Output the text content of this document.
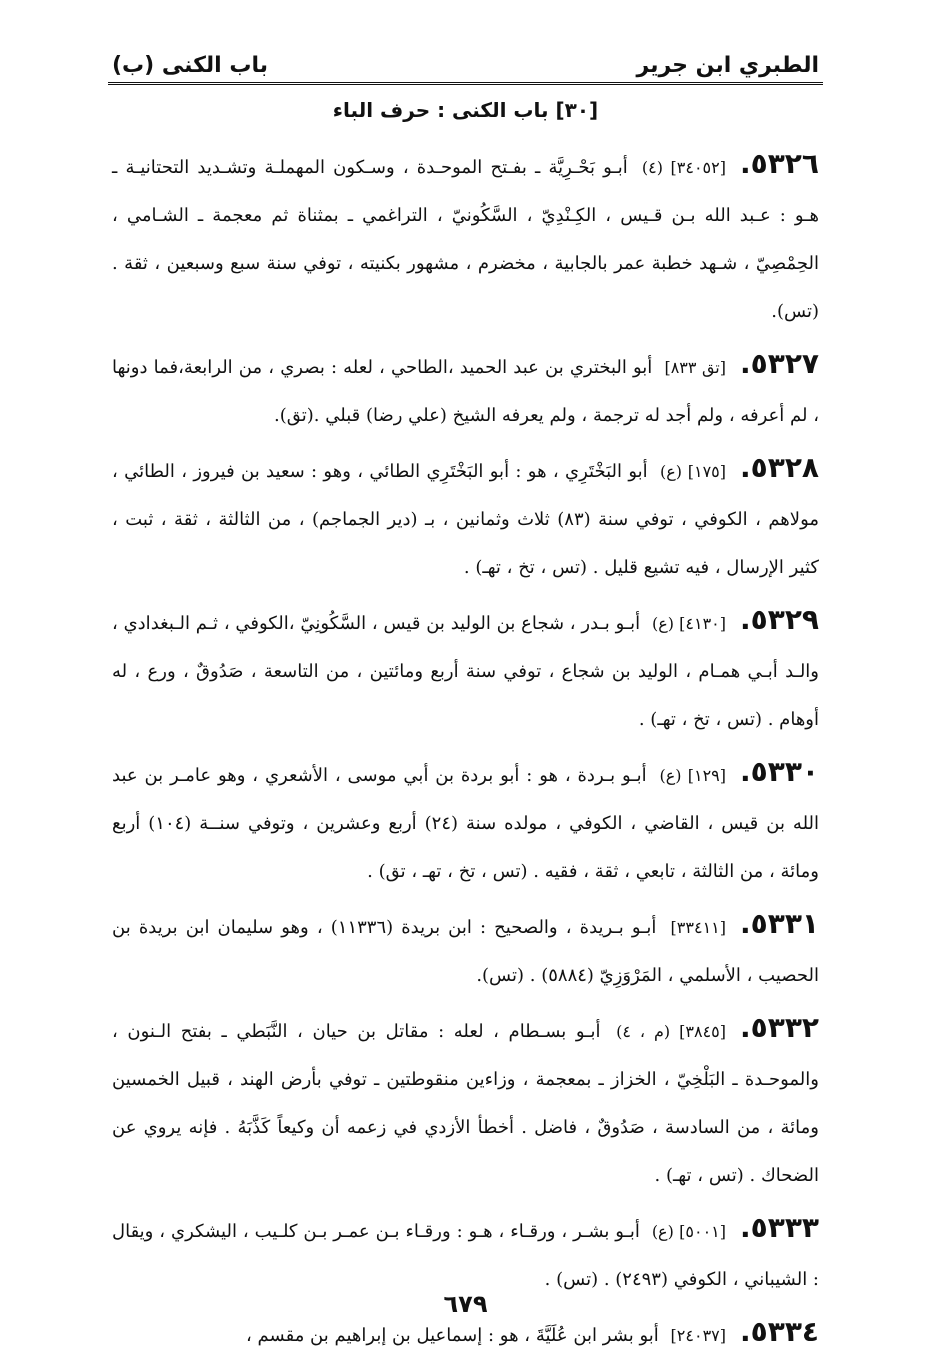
الطبري ابن جرير
باب الكنى (ب)
[٣٠] باب الكنى : حرف الباء

٥٣٢٦.[٣٤٠٥٢] (٤) أبـو بَحْـرِيَّة ـ بفـتح الموحـدة ، وسـكون المهملـة وتشـديد التحتانيـة ـ هـو : عـبد الله بـن قـيس ، الكِـنْدِيّ ، السَّكُونيّ ، التراغمي ـ بمثناة ثم معجمة ـ الشـامي ، الحِمْصِيّ ، شـهد خطبة عمر بالجابية ، مخضرم ، مشهور بكنيته ، توفي سنة سبع وسبعين ، ثقة . (تس).

٥٣٢٧.[تق ٨٣٣] أبو البختري بن عبد الحميد ،الطاحي ، لعله : بصري ، من الرابعة،فما دونها ، لم أعرفه ، ولم أجد له ترجمة ، ولم يعرفه الشيخ (علي رضا) قبلي .(تق).

٥٣٢٨.[١٧٥] (ع) أبو البَخْتَرِي ، هو : أبو البَخْتَرِي الطائي ، وهو : سعيد بن فيروز ، الطائي ، مولاهم ، الكوفي ، توفي سنة (٨٣) ثلاث وثمانين ، بـ (دير الجماجم) ، من الثالثة ، ثقة ، ثبت ، كثير الإرسال ، فيه تشيع قليل . (تس ، تخ ، تهـ) .

٥٣٢٩.[٤١٣٠] (ع) أبـو بـدر ، شجاع بن الوليد بن قيس ، السَّكُونِيّ ،الكوفي ، ثـم الـبغدادي ، والـد أبـي همـام ، الوليد بن شجاع ، توفي سنة أربع ومائتين ، من التاسعة ، صَدُوقٌ ، ورع ، له أوهام . (تس ، تخ ، تهـ) .

٥٣٣٠.[١٢٩] (ع) أبـو بـردة ، هو : أبو بردة بن أبي موسى ، الأشعري ، وهو عامـر بن عبد الله بن قيس ، القاضي ، الكوفي ، مولده سنة (٢٤) أربع وعشرين ، وتوفي سنــة (١٠٤) أربع ومائة ، من الثالثة ، تابعي ، ثقة ، فقيه . (تس ، تخ ، تهـ ، تق) .

٥٣٣١.[٣٣٤١١] أبـو بـريدة ، والصحيح : ابن بريدة (١١٣٣٦) ، وهو سليمان ابن بريدة بن الحصيب ، الأسلمي ، المَرْوَزِيّ (٥٨٨٤) . (تس).

٥٣٣٢.[٣٨٤٥] (م ، ٤) أبـو بسـطام ، لعله : مقاتل بن حيان ، النَّبَطي ـ بفتح الـنون ، والموحـدة ـ البَلْخِيّ ، الخزاز ـ بمعجمة ، وزاءين منقوطتين ـ توفي بأرض الهند ، قبيل الخمسين ومائة ، من السادسة ، صَدُوقٌ ، فاضل . أخطأ الأزدي في زعمه أن وكيعاً كَذَّبَهُ . فإنه يروي عن الضحاك . (تس ، تهـ) .

٥٣٣٣.[٥٠٠١] (ع) أبـو بشـر ، ورقـاء ، هـو : ورقـاء بـن عمـر بـن كلـيب ، اليشكري ، ويقال : الشيباني ، الكوفي (٢٤٩٣) . (تس) .

٥٣٣٤.[٢٤٠٣٧] أبو بشر ابن عُلَيَّةَ ، هو : إسماعيل بن إبراهيم بن مقسم ،

٦٧٩
